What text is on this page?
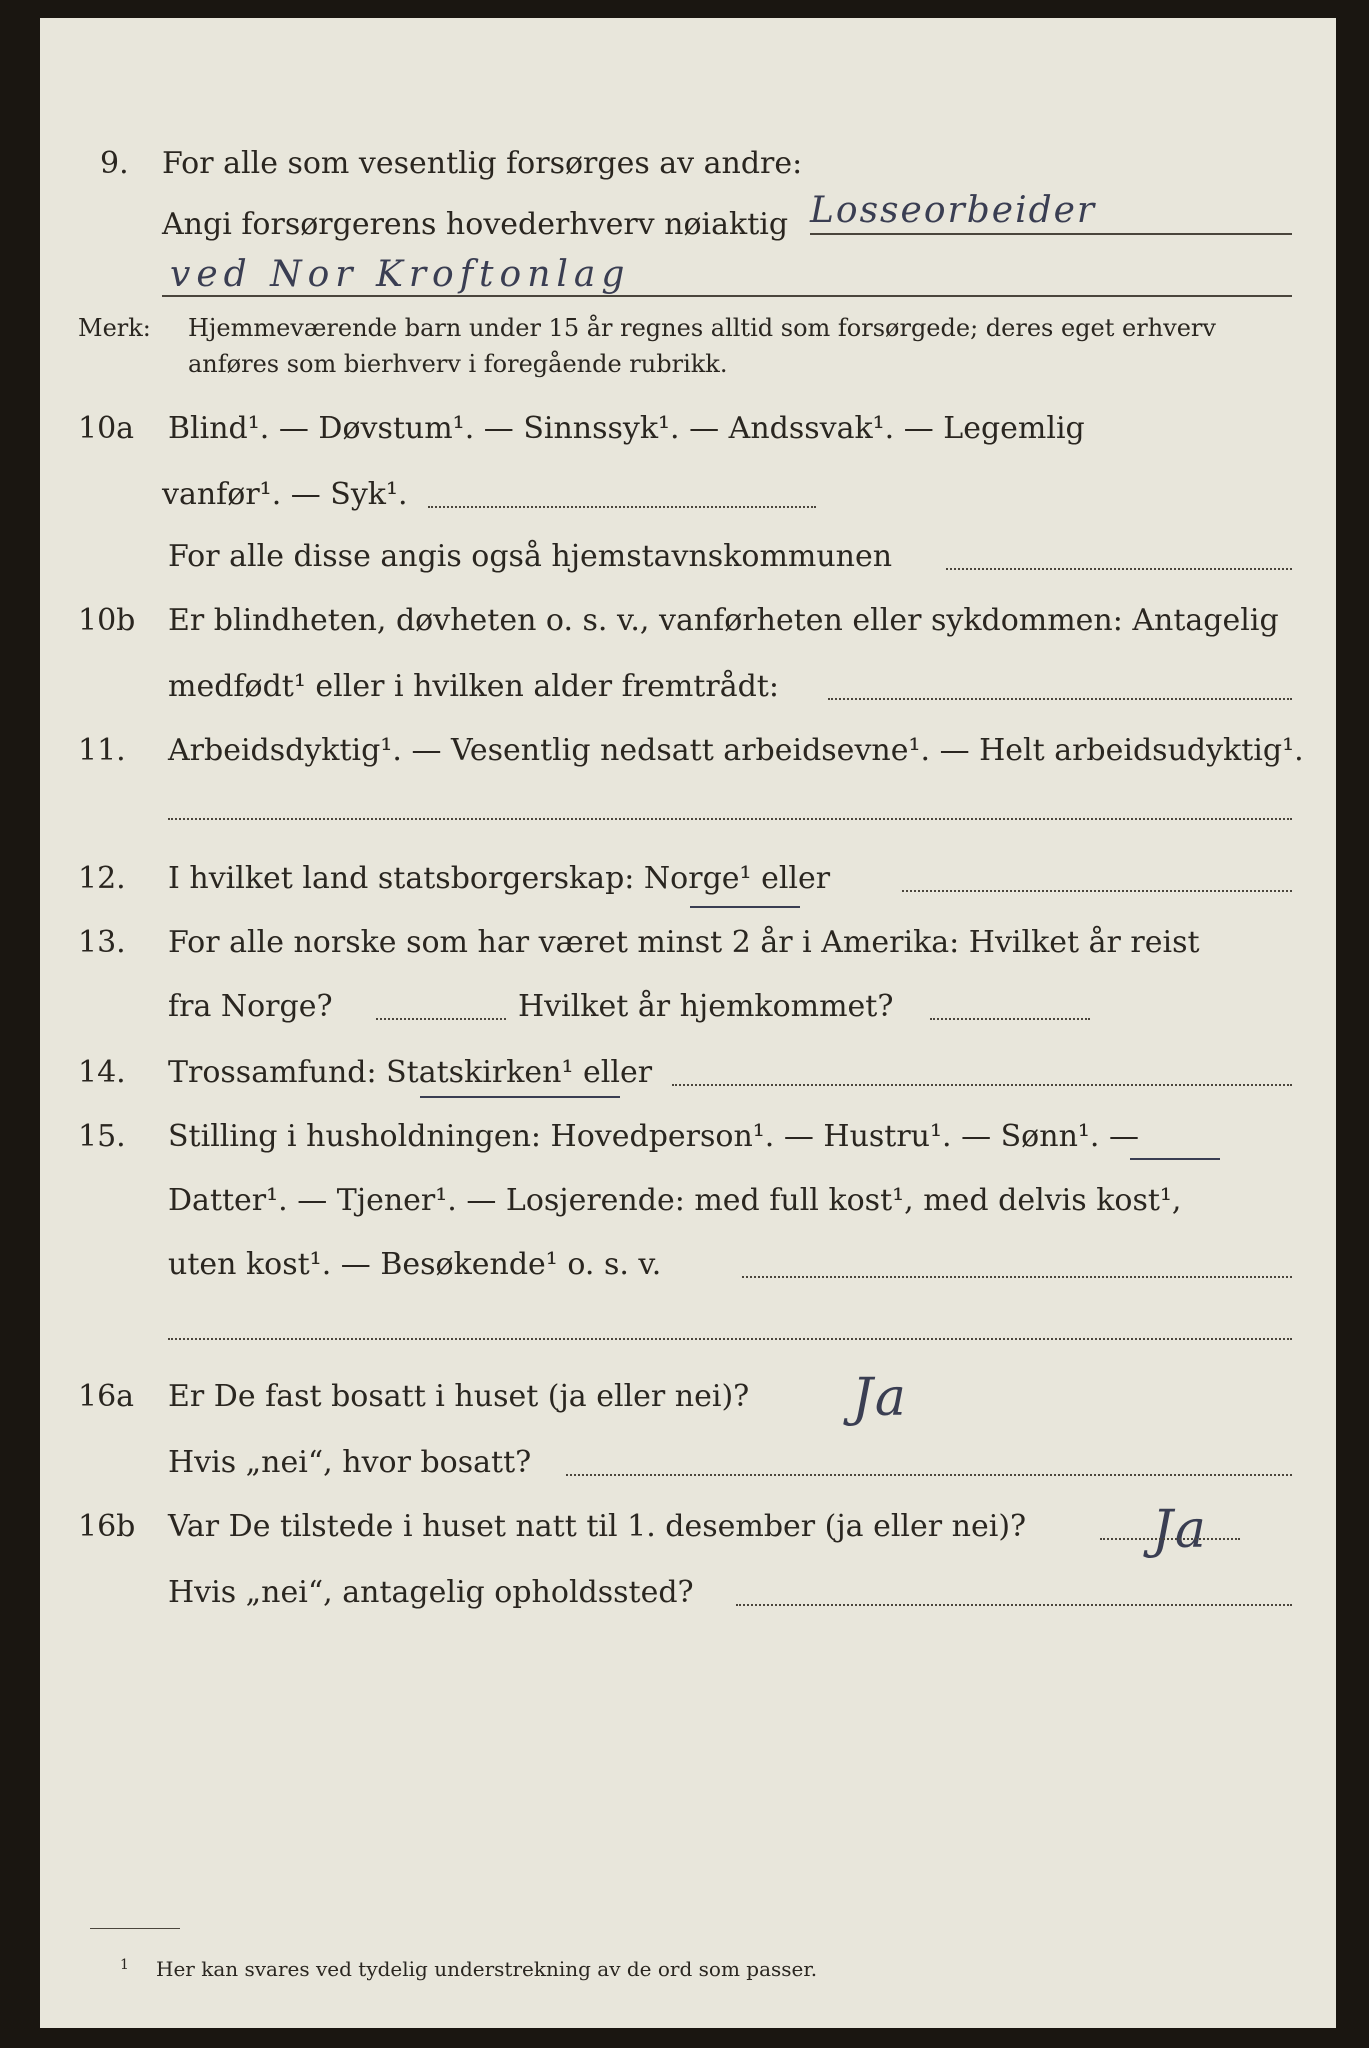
9. For alle som vesentlig forsørges av andre:
Angi forsørgerens hovederhverv nøiaktig Losseorbeider
ved Nor Kroftonlag
Merk: Hjemmeværende barn under 15 år regnes alltid som forsørgede; deres eget erhverv
anføres som bierhverv i foregående rubrikk.
10a Blind¹. — Døvstum¹. — Sinnssyk¹. — Andssvak¹. — Legemlig
vanfør¹. — Syk¹.
For alle disse angis også hjemstavnskommunen
10b Er blindheten, døvheten o. s. v., vanførheten eller sykdommen: Antagelig
medfødt¹ eller i hvilken alder fremtrådt:
11. Arbeidsdyktig¹. — Vesentlig nedsatt arbeidsevne¹. — Helt arbeidsudyktig¹.
12. I hvilket land statsborgerskap: Norge¹ eller
13. For alle norske som har været minst 2 år i Amerika: Hvilket år reist
fra Norge?	Hvilket år hjemkommet?
14. Trossamfund: Statskirken¹ eller
15. Stilling i husholdningen: Hovedperson¹. — Hustru¹. — Sønn¹. —
Datter¹. — Tjener¹. — Losjerende: med full kost¹, med delvis kost¹,
uten kost¹. — Besøkende¹ o. s. v.
16a Er De fast bosatt i huset (ja eller nei)? Ja
Hvis „nei“, hvor bosatt?
16b Var De tilstede i huset natt til 1. desember (ja eller nei)? Ja
Hvis „nei“, antagelig opholdssted?
1 Her kan svares ved tydelig understrekning av de ord som passer.
